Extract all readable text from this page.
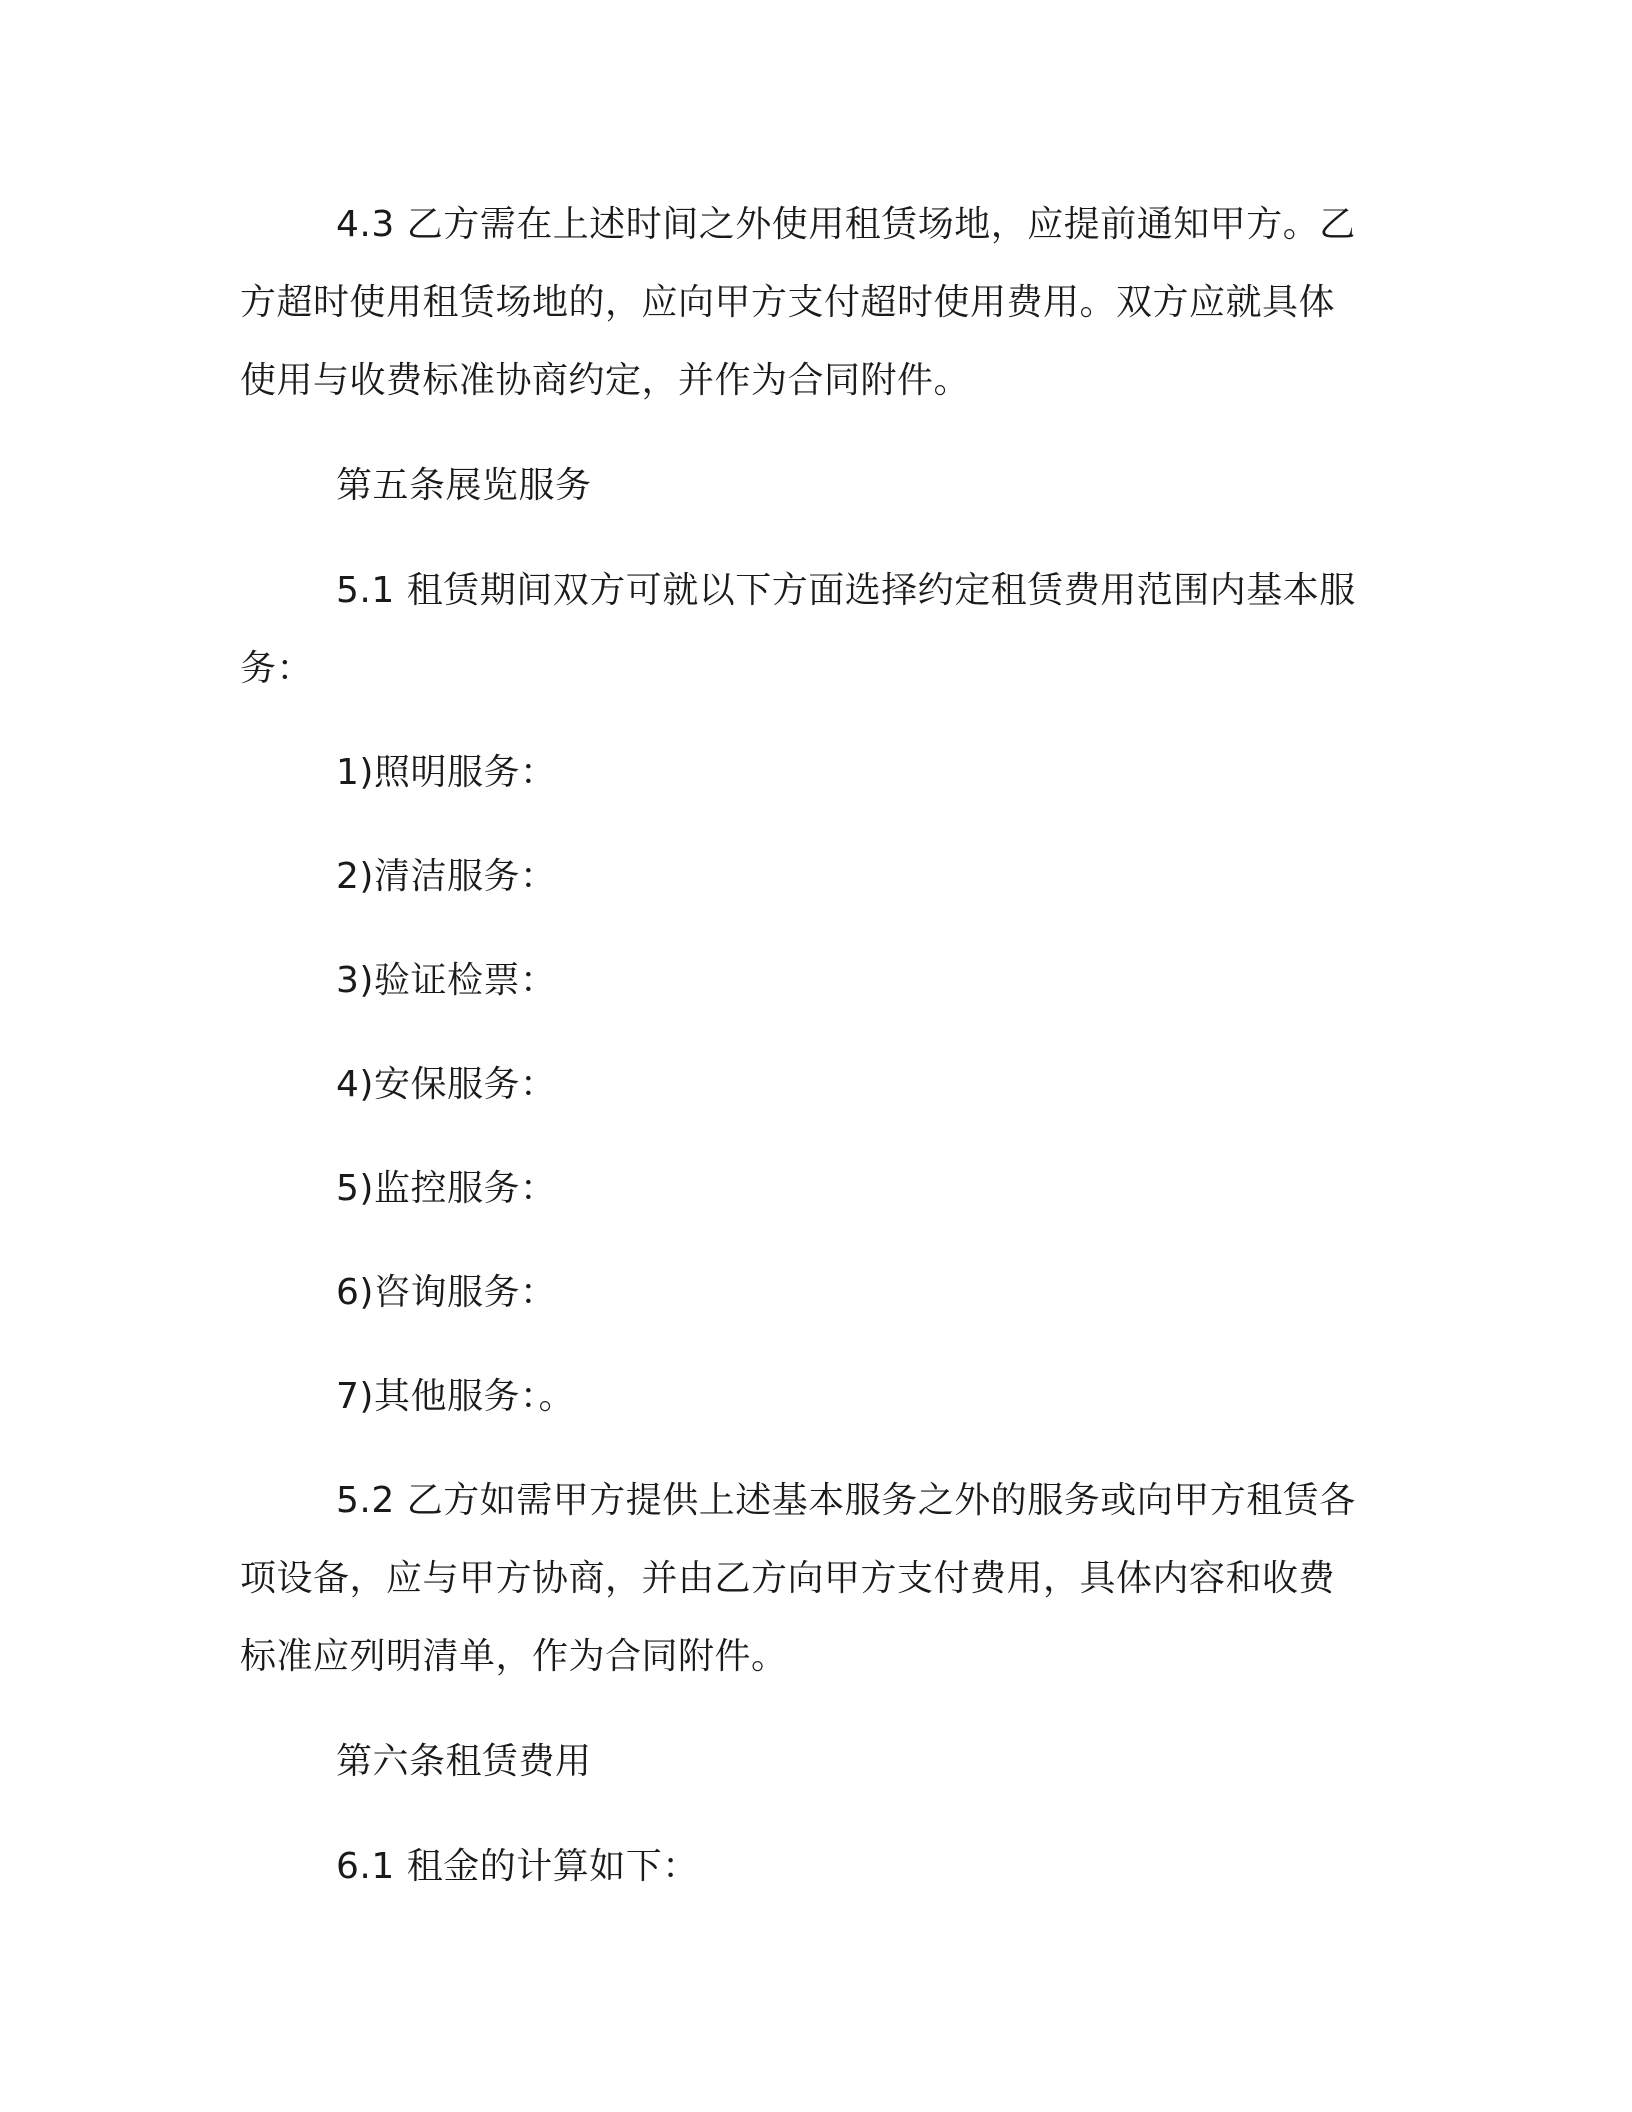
4.3 乙方需在上述时间之外使用租赁场地，应提前通知甲方。乙方超时使用租赁场地的，应向甲方支付超时使用费用。双方应就具体使用与收费标准协商约定，并作为合同附件。

第五条展览服务

5.1 租赁期间双方可就以下方面选择约定租赁费用范围内基本服务：

1)照明服务：

2)清洁服务：

3)验证检票：

4)安保服务：

5)监控服务：

6)咨询服务：

7)其他服务：。

5.2 乙方如需甲方提供上述基本服务之外的服务或向甲方租赁各项设备，应与甲方协商，并由乙方向甲方支付费用，具体内容和收费标准应列明清单，作为合同附件。

第六条租赁费用

6.1 租金的计算如下：
